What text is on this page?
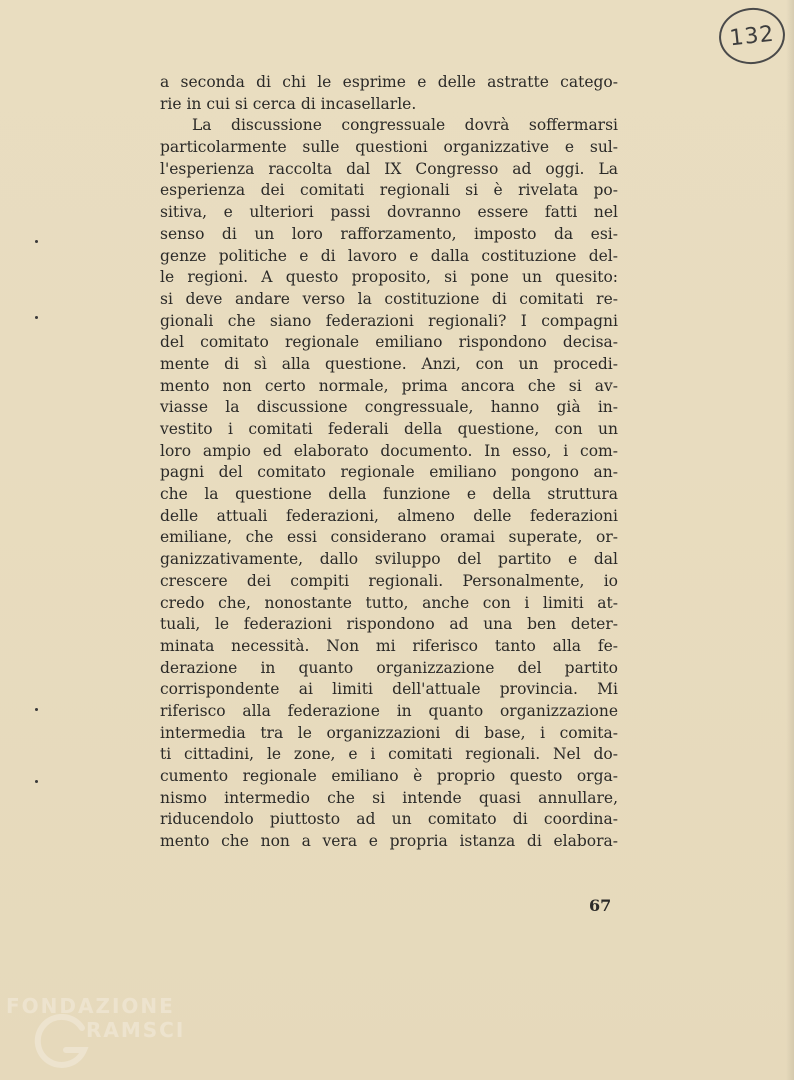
132
a seconda di chi le esprime e delle astratte catego-
rie in cui si cerca di incasellarle.
La discussione congressuale dovrà soffermarsi
particolarmente sulle questioni organizzative e sul-
l'esperienza raccolta dal IX Congresso ad oggi. La
esperienza dei comitati regionali si è rivelata po-
sitiva, e ulteriori passi dovranno essere fatti nel
senso di un loro rafforzamento, imposto da esi-
genze politiche e di lavoro e dalla costituzione del-
le regioni. A questo proposito, si pone un quesito:
si deve andare verso la costituzione di comitati re-
gionali che siano federazioni regionali? I compagni
del comitato regionale emiliano rispondono decisa-
mente di sì alla questione. Anzi, con un procedi-
mento non certo normale, prima ancora che si av-
viasse la discussione congressuale, hanno già in-
vestito i comitati federali della questione, con un
loro ampio ed elaborato documento. In esso, i com-
pagni del comitato regionale emiliano pongono an-
che la questione della funzione e della struttura
delle attuali federazioni, almeno delle federazioni
emiliane, che essi considerano oramai superate, or-
ganizzativamente, dallo sviluppo del partito e dal
crescere dei compiti regionali. Personalmente, io
credo che, nonostante tutto, anche con i limiti at-
tuali, le federazioni rispondono ad una ben deter-
minata necessità. Non mi riferisco tanto alla fe-
derazione in quanto organizzazione del partito
corrispondente ai limiti dell'attuale provincia. Mi
riferisco alla federazione in quanto organizzazione
intermedia tra le organizzazioni di base, i comita-
ti cittadini, le zone, e i comitati regionali. Nel do-
cumento regionale emiliano è proprio questo orga-
nismo intermedio che si intende quasi annullare,
riducendolo piuttosto ad un comitato di coordina-
mento che non a vera e propria istanza di elabora-
67
FONDAZIONE
RAMSCI
